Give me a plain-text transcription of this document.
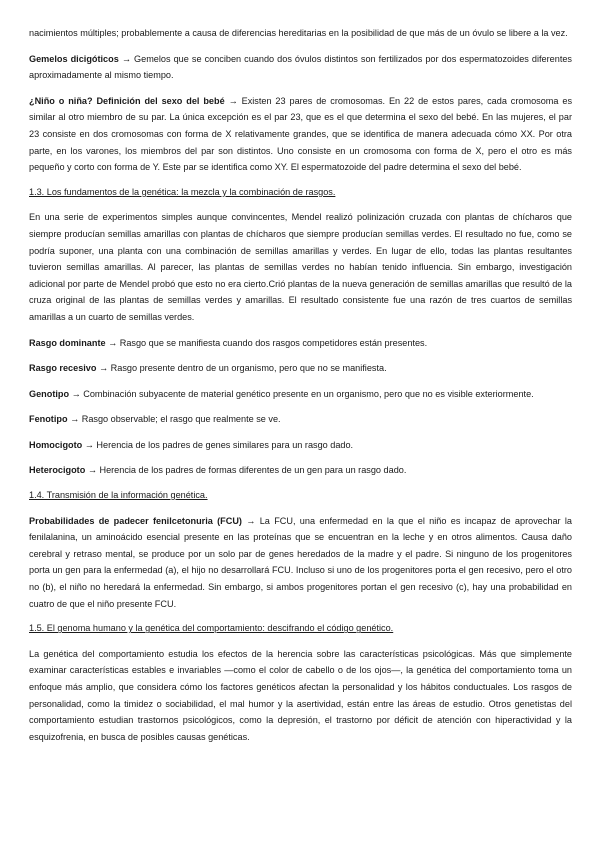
nacimientos múltiples; probablemente a causa de diferencias hereditarias en la posibilidad de que más de un óvulo se libere a la vez.

Gemelos dicigóticos → Gemelos que se conciben cuando dos óvulos distintos son fertilizados por dos espermatozoides diferentes aproximadamente al mismo tiempo.

¿Niño o niña? Definición del sexo del bebé → Existen 23 pares de cromosomas. En 22 de estos pares, cada cromosoma es similar al otro miembro de su par. La única excepción es el par 23, que es el que determina el sexo del bebé. En las mujeres, el par 23 consiste en dos cromosomas con forma de X relativamente grandes, que se identifica de manera adecuada cómo XX. Por otra parte, en los varones, los miembros del par son distintos. Uno consiste en un cromosoma con forma de X, pero el otro es más pequeño y corto con forma de Y. Este par se identifica como XY. El espermatozoide del padre determina el sexo del bebé.

1.3. Los fundamentos de la genética: la mezcla y la combinación de rasgos.

En una serie de experimentos simples aunque convincentes, Mendel realizó polinización cruzada con plantas de chícharos que siempre producían semillas amarillas con plantas de chícharos que siempre producían semillas verdes. El resultado no fue, como se podría suponer, una planta con una combinación de semillas amarillas y verdes. En lugar de ello, todas las plantas resultantes tuvieron semillas amarillas. Al parecer, las plantas de semillas verdes no habían tenido influencia. Sin embargo, investigación adicional por parte de Mendel probó que esto no era cierto.Crió plantas de la nueva generación de semillas amarillas que resultó de la cruza original de las plantas de semillas verdes y amarillas. El resultado consistente fue una razón de tres cuartos de semillas amarillas a un cuarto de semillas verdes.

Rasgo dominante → Rasgo que se manifiesta cuando dos rasgos competidores están presentes.

Rasgo recesivo → Rasgo presente dentro de un organismo, pero que no se manifiesta.

Genotipo → Combinación subyacente de material genético presente en un organismo, pero que no es visible exteriormente.

Fenotipo → Rasgo observable; el rasgo que realmente se ve.

Homocigoto → Herencia de los padres de genes similares para un rasgo dado.

Heterocigoto → Herencia de los padres de formas diferentes de un gen para un rasgo dado.

1.4. Transmisión de la información genética.

Probabilidades de padecer fenilcetonuria (FCU) → La FCU, una enfermedad en la que el niño es incapaz de aprovechar la fenilalanina, un aminoácido esencial presente en las proteínas que se encuentran en la leche y en otros alimentos. Causa daño cerebral y retraso mental, se produce por un solo par de genes heredados de la madre y el padre. Si ninguno de los progenitores porta un gen para la enfermedad (a), el hijo no desarrollará FCU. Incluso si uno de los progenitores porta el gen recesivo, pero el otro no (b), el niño no heredará la enfermedad. Sin embargo, si ambos progenitores portan el gen recesivo (c), hay una probabilidad en cuatro de que el niño presente FCU.

1.5. El genoma humano y la genética del comportamiento: descifrando el código genético.

La genética del comportamiento estudia los efectos de la herencia sobre las características psicológicas. Más que simplemente examinar características estables e invariables —como el color de cabello o de los ojos—, la genética del comportamiento toma un enfoque más amplio, que considera cómo los factores genéticos afectan la personalidad y los hábitos conductuales. Los rasgos de personalidad, como la timidez o sociabilidad, el mal humor y la asertividad, están entre las áreas de estudio. Otros genetistas del comportamiento estudian trastornos psicológicos, como la depresión, el trastorno por déficit de atención con hiperactividad y la esquizofrenia, en busca de posibles causas genéticas.
